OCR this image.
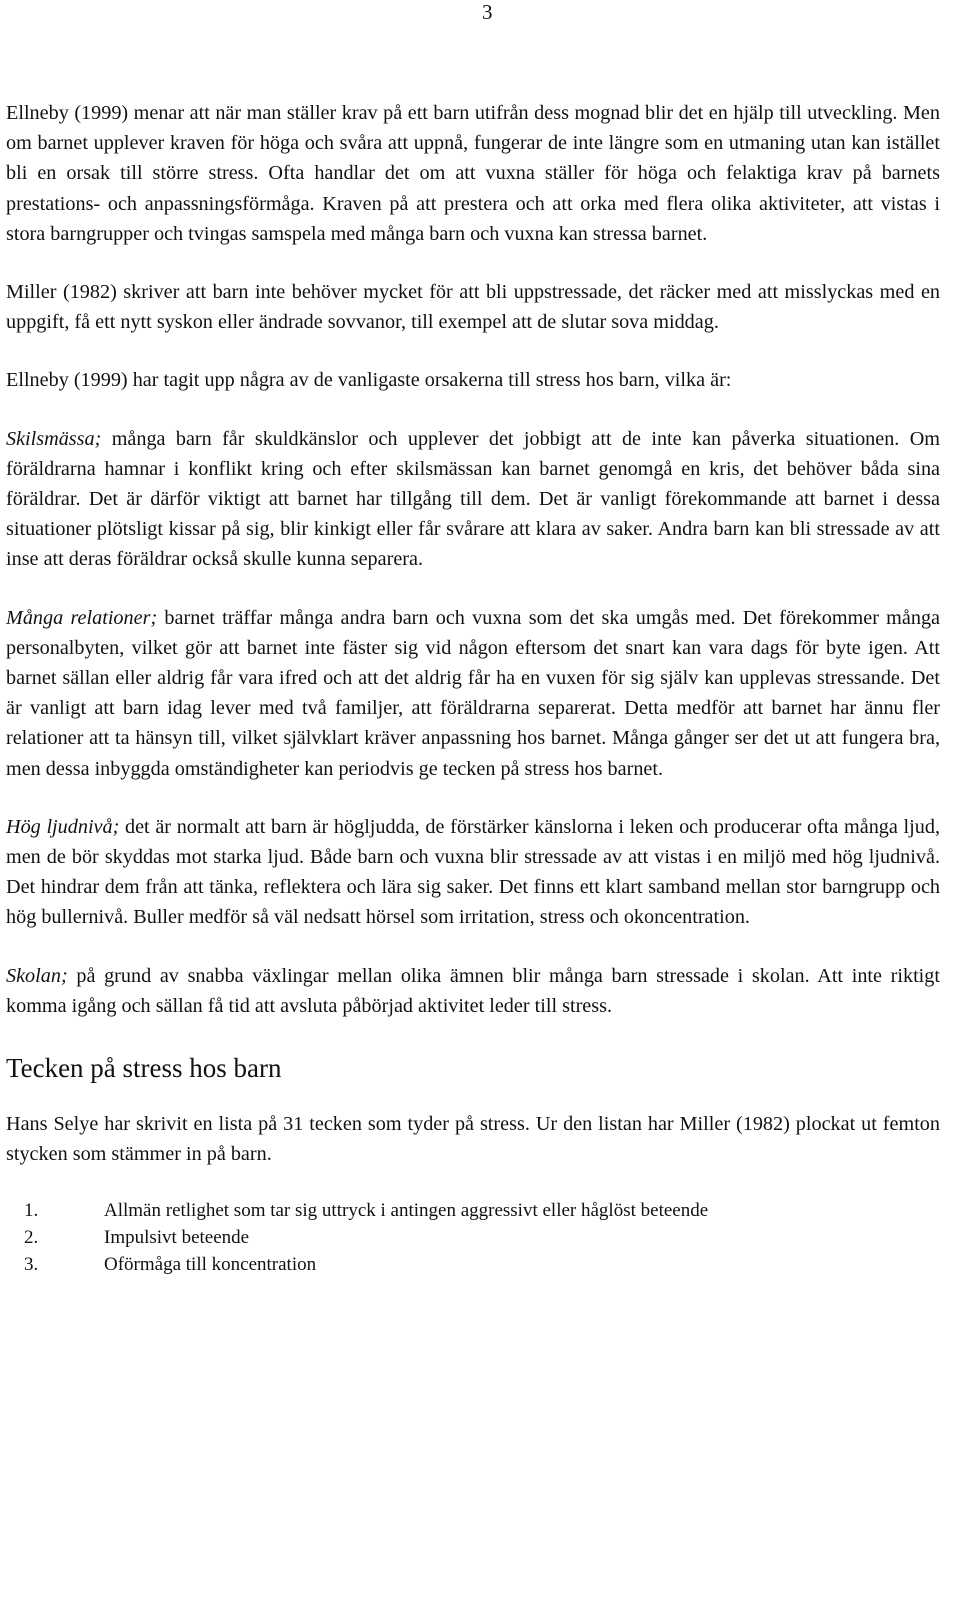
3

Ellneby (1999) menar att när man ställer krav på ett barn utifrån dess mognad blir det en hjälp till utveckling. Men om barnet upplever kraven för höga och svåra att uppnå, fungerar de inte längre som en utmaning utan kan istället bli en orsak till större stress. Ofta handlar det om att vuxna ställer för höga och felaktiga krav på barnets prestations- och anpassningsförmåga. Kraven på att prestera och att orka med flera olika aktiviteter, att vistas i stora barngrupper och tvingas samspela med många barn och vuxna kan stressa barnet.

Miller (1982) skriver att barn inte behöver mycket för att bli uppstressade, det räcker med att misslyckas med en uppgift, få ett nytt syskon eller ändrade sovvanor, till exempel att de slutar sova middag.

Ellneby (1999) har tagit upp några av de vanligaste orsakerna till stress hos barn, vilka är:

Skilsmässa; många barn får skuldkänslor och upplever det jobbigt att de inte kan påverka situationen. Om föräldrarna hamnar i konflikt kring och efter skilsmässan kan barnet genomgå en kris, det behöver båda sina föräldrar. Det är därför viktigt att barnet har tillgång till dem. Det är vanligt förekommande att barnet i dessa situationer plötsligt kissar på sig, blir kinkigt eller får svårare att klara av saker. Andra barn kan bli stressade av att inse att deras föräldrar också skulle kunna separera.

Många relationer; barnet träffar många andra barn och vuxna som det ska umgås med. Det förekommer många personalbyten, vilket gör att barnet inte fäster sig vid någon eftersom det snart kan vara dags för byte igen. Att barnet sällan eller aldrig får vara ifred och att det aldrig får ha en vuxen för sig själv kan upplevas stressande. Det är vanligt att barn idag lever med två familjer, att föräldrarna separerat. Detta medför att barnet har ännu fler relationer att ta hänsyn till, vilket självklart kräver anpassning hos barnet. Många gånger ser det ut att fungera bra, men dessa inbyggda omständigheter kan periodvis ge tecken på stress hos barnet.

Hög ljudnivå; det är normalt att barn är högljudda, de förstärker känslorna i leken och producerar ofta många ljud, men de bör skyddas mot starka ljud. Både barn och vuxna blir stressade av att vistas i en miljö med hög ljudnivå. Det hindrar dem från att tänka, reflektera och lära sig saker. Det finns ett klart samband mellan stor barngrupp och hög bullernivå. Buller medför så väl nedsatt hörsel som irritation, stress och okoncentration.

Skolan; på grund av snabba växlingar mellan olika ämnen blir många barn stressade i skolan. Att inte riktigt komma igång och sällan få tid att avsluta påbörjad aktivitet leder till stress.

Tecken på stress hos barn

Hans Selye har skrivit en lista på 31 tecken som tyder på stress. Ur den listan har Miller (1982) plockat ut femton stycken som stämmer in på barn.

1.	Allmän retlighet som tar sig uttryck i antingen aggressivt eller håglöst beteende
2.	Impulsivt beteende
3.	Oförmåga till koncentration
